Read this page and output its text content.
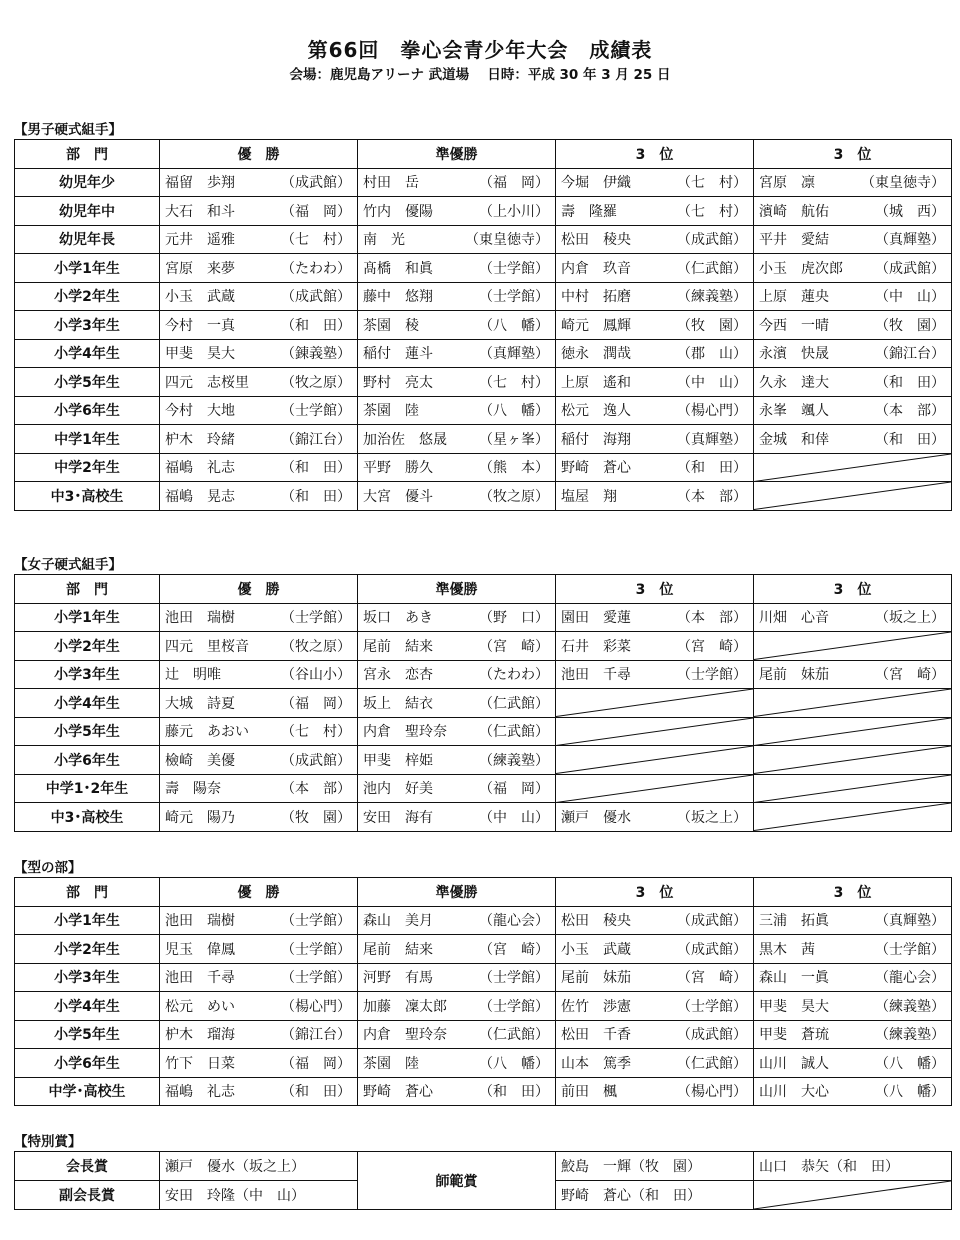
第66回　拳心会青少年大会　成績表
会場：鹿児島アリーナ 武道場　 日時：平成 30 年 3 月 25 日
【男子硬式組手】
部　門	優　勝	準優勝	3　位	3　位
幼児年少	福留　歩翔 （成武館）	村田　岳 （福　岡）	今堀　伊織 （七　村）	宮原　凛 （東皇徳寺）

幼児年中	大石　和斗 （福　岡）	竹内　優陽 （上小川）	壽　隆羅 （七　村）	濱崎　航佑 （城　西）

幼児年長	元井　遥雅 （七　村）	南　光 （東皇徳寺）	松田　稜央 （成武館）	平井　愛結 （真輝塾）

小学1年生	宮原　来夢 （たわわ）	髙橋　和眞 （士学館）	内倉　玖音 （仁武館）	小玉　虎次郎 （成武館）

小学2年生	小玉　武蔵 （成武館）	藤中　悠翔 （士学館）	中村　拓磨 （練義塾）	上原　蓮央 （中　山）

小学3年生	今村　一真 （和　田）	茶園　稜 （八　幡）	崎元　鳳輝 （牧　園）	今西　一晴 （牧　園）

小学4年生	甲斐　昊大 （錬義塾）	稲付　蓮斗 （真輝塾）	徳永　潤哉 （郡　山）	永濱　快晟 （錦江台）

小学5年生	四元　志桜里 （牧之原）	野村　亮太 （七　村）	上原　遙和 （中　山）	久永　達大 （和　田）

小学6年生	今村　大地 （士学館）	茶園　陸 （八　幡）	松元　逸人 （楊心門）	永峯　颯人 （本　部）

中学1年生	枦木　玲緒 （錦江台）	加治佐　悠晟 （星ヶ峯）	稲付　海翔 （真輝塾）	金城　和倖 （和　田）

中学2年生	福嶋　礼志 （和　田）	平野　勝久 （熊　本）	野崎　蒼心 （和　田）

中3･高校生	福嶋　晃志 （和　田）	大宮　優斗 （牧之原）	塩屋　翔 （本　部）

【女子硬式組手】
部　門	優　勝	準優勝	3　位	3　位
小学1年生	池田　瑞樹 （士学館）	坂口　あき （野　口）	園田　愛蓮 （本　部）	川畑　心音 （坂之上）

小学2年生	四元　里桜音 （牧之原）	尾前　結来 （宮　崎）	石井　彩菜 （宮　崎）

小学3年生	辻　明唯 （谷山小）	宮永　恋杏 （たわわ）	池田　千尋 （士学館）	尾前　妹茄 （宮　崎）

小学4年生	大城　詩夏 （福　岡）	坂上　結衣 （仁武館）

小学5年生	藤元　あおい （七　村）	内倉　聖玲奈 （仁武館）

小学6年生	檢崎　美優 （成武館）	甲斐　梓姫 （練義塾）

中学1･2年生	壽　陽奈 （本　部）	池内　好美 （福　岡）

中3･高校生	崎元　陽乃 （牧　園）	安田　海有 （中　山）	瀬戸　優水 （坂之上）

【型の部】
部　門	優　勝	準優勝	3　位	3　位
小学1年生	池田　瑞樹 （士学館）	森山　美月 （龍心会）	松田　稜央 （成武館）	三浦　拓眞 （真輝塾）

小学2年生	児玉　偉鳳 （士学館）	尾前　結来 （宮　崎）	小玉　武蔵 （成武館）	黒木　茜 （士学館）

小学3年生	池田　千尋 （士学館）	河野　有馬 （士学館）	尾前　妹茄 （宮　崎）	森山　一眞 （龍心会）

小学4年生	松元　めい （楊心門）	加藤　凜太郎 （士学館）	佐竹　渉憲 （士学館）	甲斐　昊大 （練義塾）

小学5年生	枦木　瑠海 （錦江台）	内倉　聖玲奈 （仁武館）	松田　千香 （成武館）	甲斐　蒼琉 （練義塾）

小学6年生	竹下　日菜 （福　岡）	茶園　陸 （八　幡）	山本　篤季 （仁武館）	山川　誠人 （八　幡）

中学･高校生	福嶋　礼志 （和　田）	野崎　蒼心 （和　田）	前田　楓 （楊心門）	山川　大心 （八　幡）
【特別賞】
会長賞	瀬戸　優水（坂之上）	師範賞	鮫島　一輝（牧　園）	山口　恭矢（和　田）

副会長賞	安田　玲隆（中　山）		野崎　蒼心（和　田）
